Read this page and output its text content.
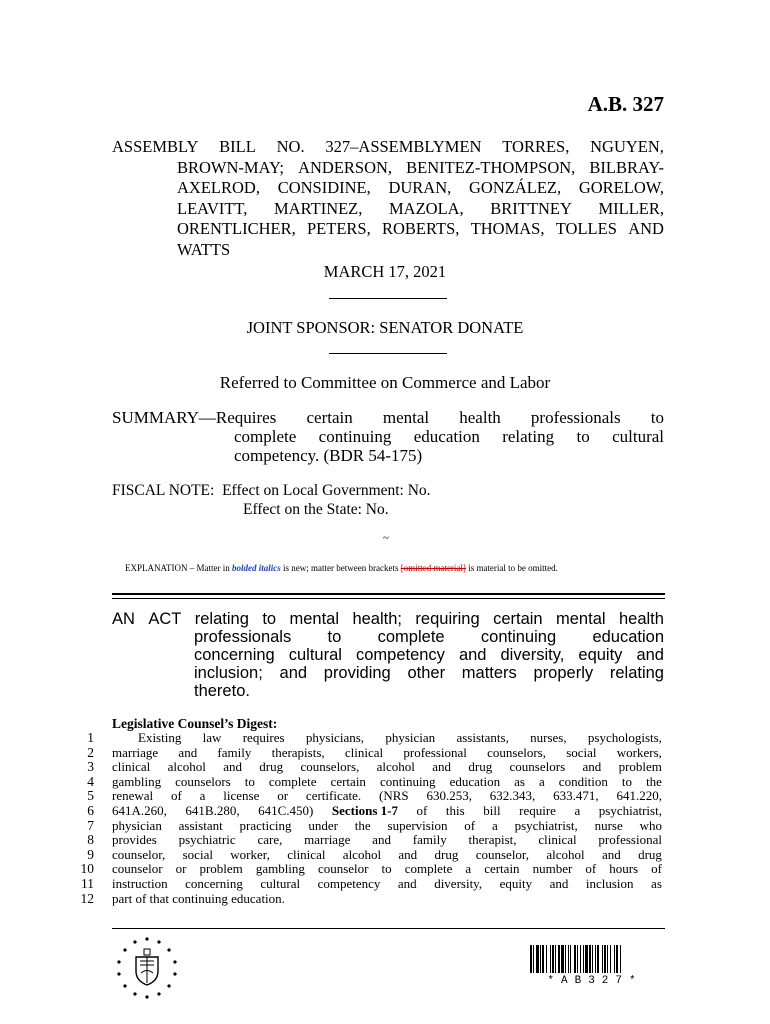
A.B. 327
ASSEMBLY BILL NO. 327–ASSEMBLYMEN TORRES, NGUYEN,
BROWN-MAY; ANDERSON, BENITEZ-THOMPSON, BILBRAY-
AXELROD, CONSIDINE, DURAN, GONZÁLEZ, GORELOW,
LEAVITT, MARTINEZ, MAZOLA, BRITTNEY MILLER,
ORENTLICHER, PETERS, ROBERTS, THOMAS, TOLLES AND
WATTS
MARCH 17, 2021
JOINT SPONSOR: SENATOR DONATE
Referred to Committee on Commerce and Labor
SUMMARY—Requires certain mental health professionals to
complete continuing education relating to cultural
competency. (BDR 54-175)
FISCAL NOTE: Effect on Local Government: No.
Effect on the State: No.
~
EXPLANATION – Matter in bolded italics is new; matter between brackets [omitted material] is material to be omitted.
AN ACT relating to mental health; requiring certain mental health
professionals to complete continuing education
concerning cultural competency and diversity, equity and
inclusion; and providing other matters properly relating
thereto.
Legislative Counsel’s Digest:
1
2
3
4
5
6
7
8
9
10
11
12
Existing law requires physicians, physician assistants, nurses, psychologists,
marriage and family therapists, clinical professional counselors, social workers,
clinical alcohol and drug counselors, alcohol and drug counselors and problem
gambling counselors to complete certain continuing education as a condition to the
renewal of a license or certificate. (NRS 630.253, 632.343, 633.471, 641.220,
641A.260, 641B.280, 641C.450) Sections 1-7 of this bill require a psychiatrist,
physician assistant practicing under the supervision of a psychiatrist, nurse who
provides psychiatric care, marriage and family therapist, clinical professional
counselor, social worker, clinical alcohol and drug counselor, alcohol and drug
counselor or problem gambling counselor to complete a certain number of hours of
instruction concerning cultural competency and diversity, equity and inclusion as
part of that continuing education.
*AB327*
